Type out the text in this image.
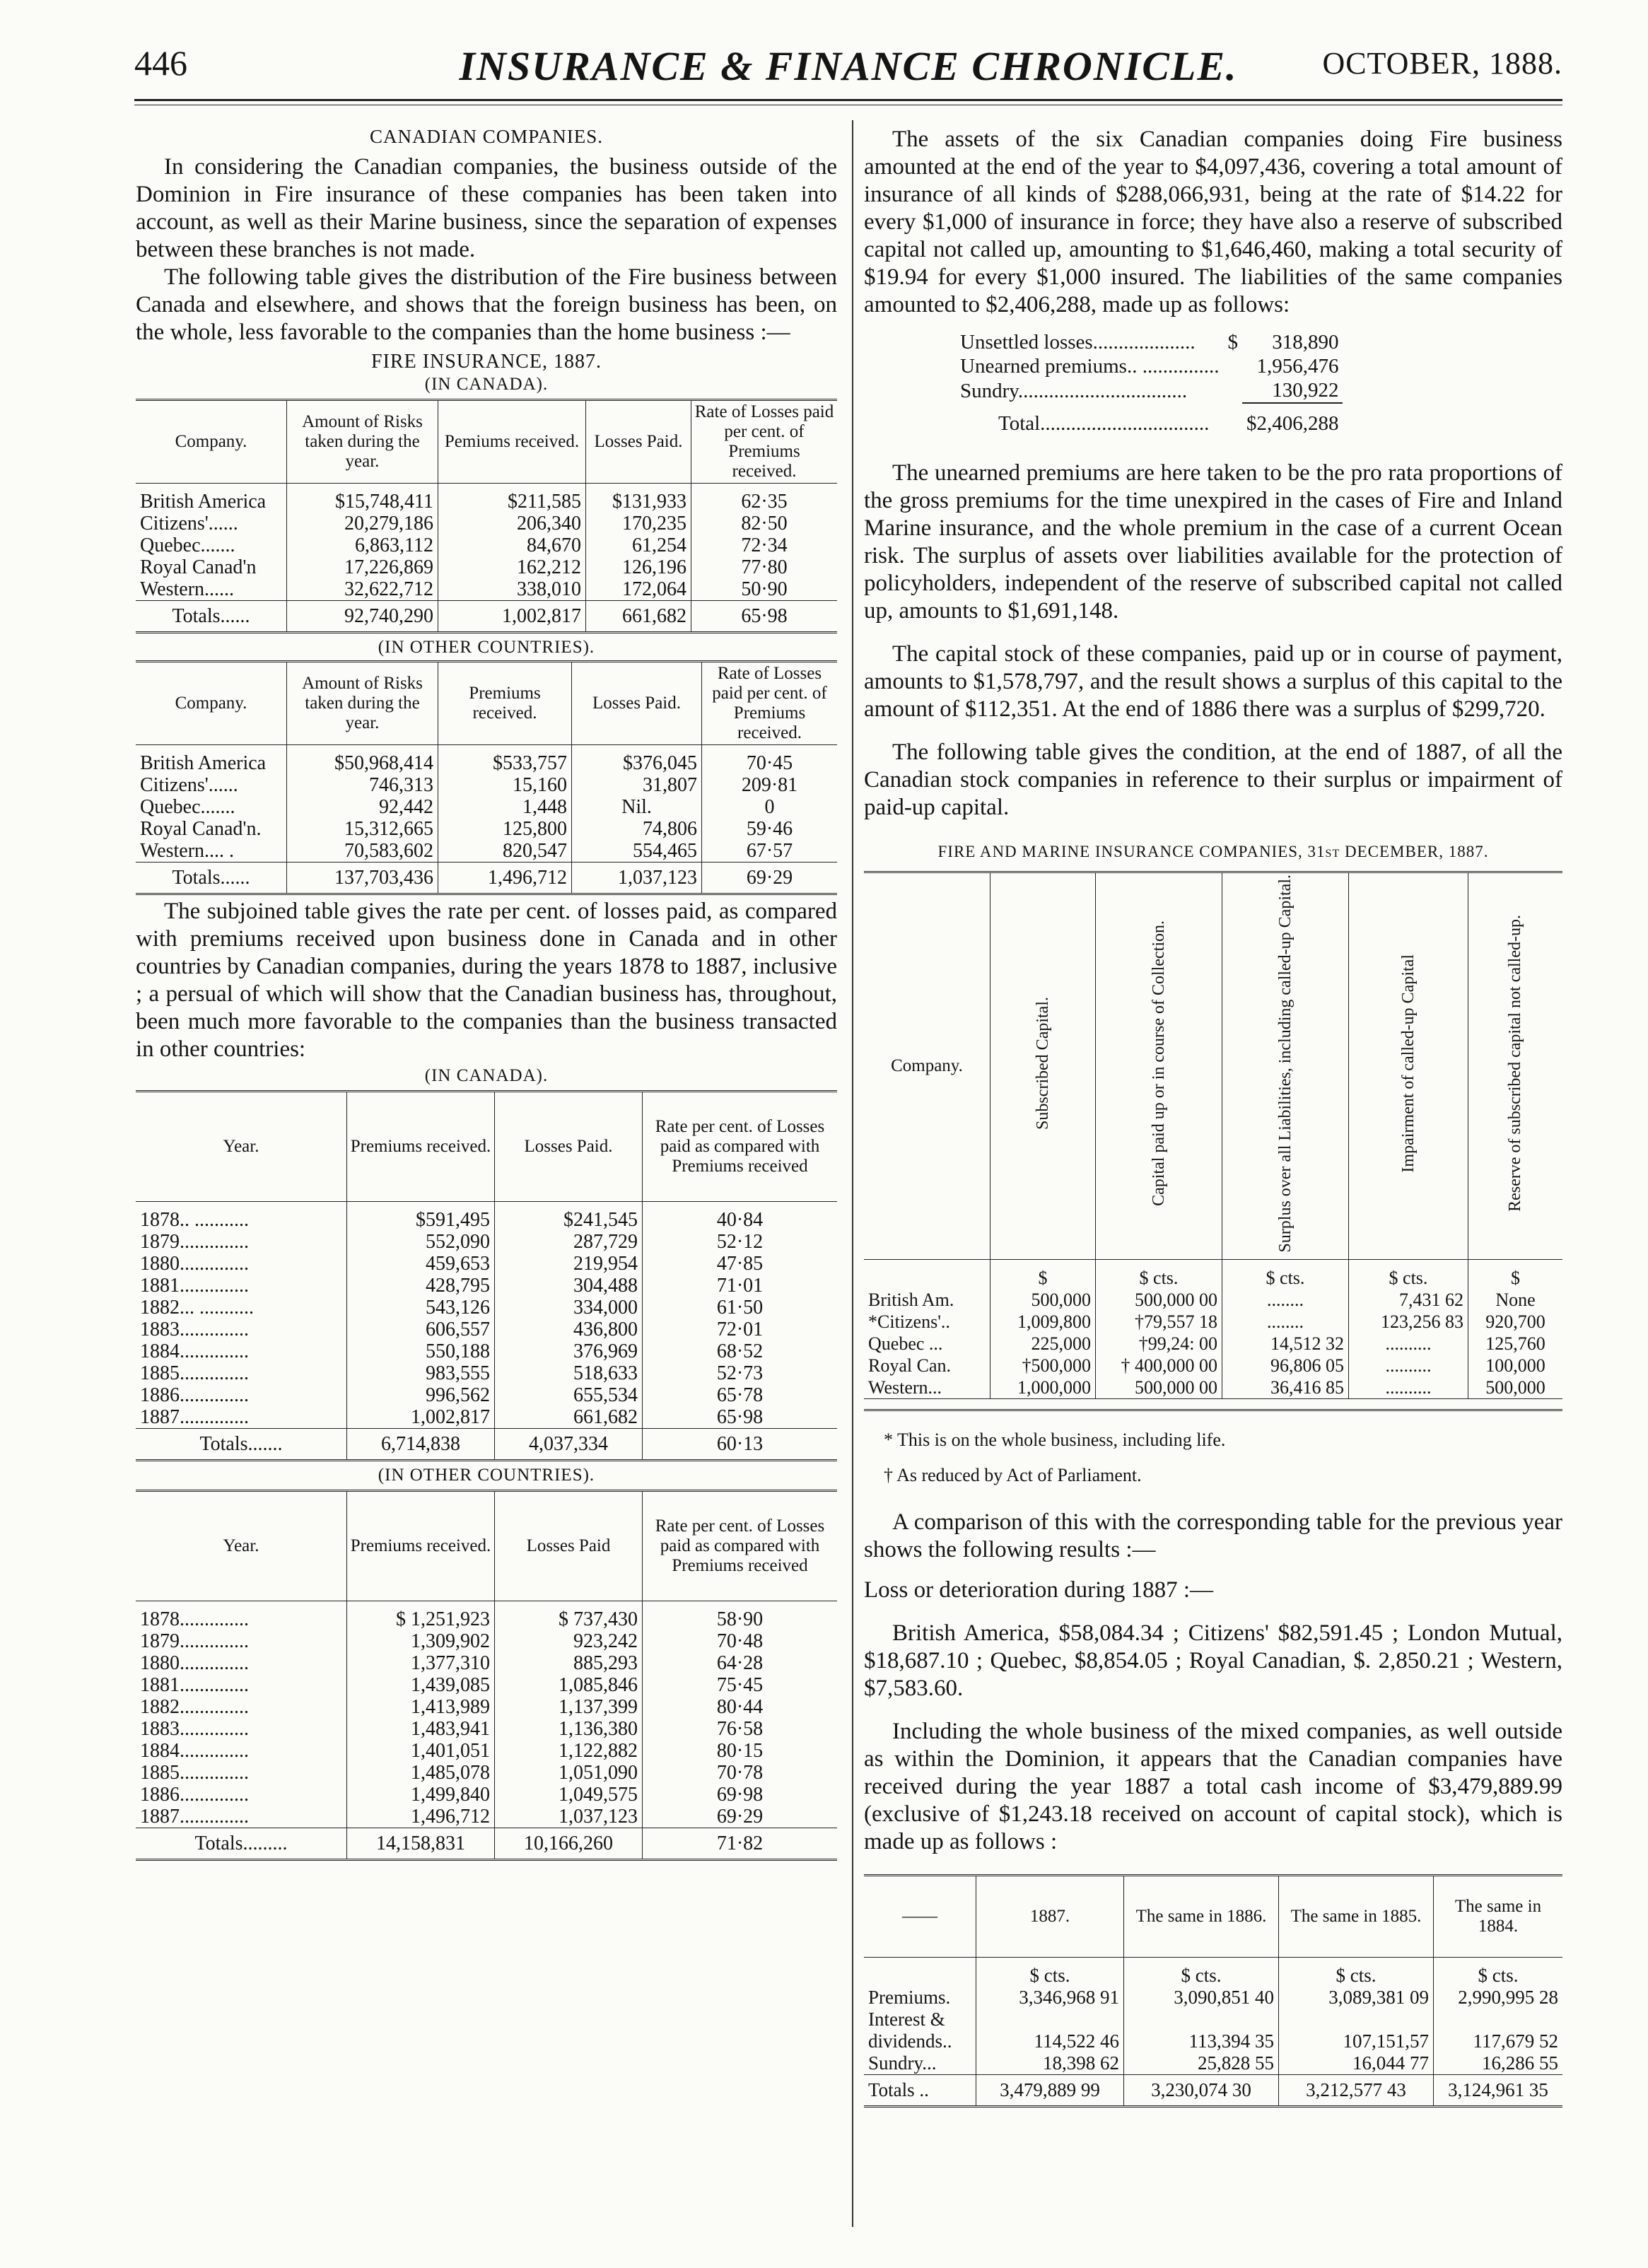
446	INSURANCE & FINANCE CHRONICLE.	OCTOBER, 1888.
CANADIAN COMPANIES.

In considering the Canadian companies, the business outside of the Dominion in Fire insurance of these companies has been taken into account, as well as their Marine business, since the separation of expenses between these branches is not made.

The following table gives the distribution of the Fire business between Canada and elsewhere, and shows that the foreign business has been, on the whole, less favorable to the companies than the home business :—

FIRE INSURANCE, 1887.
(IN CANADA).
Company.	Amount of Risks taken during the year.	Pemiums received.	Losses Paid.	Rate of Losses paid per cent. of Premiums received.
British America	$15,748,411	$211,585	$131,933	62·35
Citizens'......	20,279,186	206,340	170,235	82·50
Quebec.......	6,863,112	84,670	61,254	72·34
Royal Canad'n	17,226,869	162,212	126,196	77·80
Western......	32,622,712	338,010	172,064	50·90
Totals......	92,740,290	1,002,817	661,682	65·98
(IN OTHER COUNTRIES).
Company.	Amount of Risks taken during the year.	Premiums received.	Losses Paid.	Rate of Losses paid per cent. of Premiums received.
British America	$50,968,414	$533,757	$376,045	70·45
Citizens'......	746,313	15,160	31,807	209·81
Quebec.......	92,442	1,448	Nil.	0
Royal Canad'n.	15,312,665	125,800	74,806	59·46
Western.... .	70,583,602	820,547	554,465	67·57
Totals......	137,703,436	1,496,712	1,037,123	69·29

The subjoined table gives the rate per cent. of losses paid, as compared with premiums received upon business done in Canada and in other countries by Canadian companies, during the years 1878 to 1887, inclusive ; a persual of which will show that the Canadian business has, throughout, been much more favorable to the companies than the business transacted in other countries:

(IN CANADA).
Year.	Premiums received.	Losses Paid.	Rate per cent. of Losses paid as compared with Premiums received
1878.. ...........	$591,495	$241,545	40·84
1879..............	552,090	287,729	52·12
1880..............	459,653	219,954	47·85
1881..............	428,795	304,488	71·01
1882... ...........	543,126	334,000	61·50
1883..............	606,557	436,800	72·01
1884..............	550,188	376,969	68·52
1885..............	983,555	518,633	52·73
1886..............	996,562	655,534	65·78
1887..............	1,002,817	661,682	65·98
Totals.......	6,714,838	4,037,334	60·13
(IN OTHER COUNTRIES).
Year.	Premiums received.	Losses Paid	Rate per cent. of Losses paid as compared with Premiums received
1878..............	$ 1,251,923	$ 737,430	58·90
1879..............	1,309,902	923,242	70·48
1880..............	1,377,310	885,293	64·28
1881..............	1,439,085	1,085,846	75·45
1882..............	1,413,989	1,137,399	80·44
1883..............	1,483,941	1,136,380	76·58
1884..............	1,401,051	1,122,882	80·15
1885..............	1,485,078	1,051,090	70·78
1886..............	1,499,840	1,049,575	69·98
1887..............	1,496,712	1,037,123	69·29
Totals.........	14,158,831	10,166,260	71·82

The assets of the six Canadian companies doing Fire business amounted at the end of the year to $4,097,436, covering a total amount of insurance of all kinds of $288,066,931, being at the rate of $14.22 for every $1,000 of insurance in force; they have also a reserve of subscribed capital not called up, amounting to $1,646,460, making a total security of $19.94 for every $1,000 insured. The liabilities of the same companies amounted to $2,406,288, made up as follows:

Unsettled losses....................	$	318,890
Unearned premiums.. ...............		1,956,476
Sundry.................................		130,922
Total.................................		$2,406,288

The unearned premiums are here taken to be the pro rata proportions of the gross premiums for the time unexpired in the cases of Fire and Inland Marine insurance, and the whole premium in the case of a current Ocean risk. The surplus of assets over liabilities available for the protection of policyholders, independent of the reserve of subscribed capital not called up, amounts to $1,691,148.

The capital stock of these companies, paid up or in course of payment, amounts to $1,578,797, and the result shows a surplus of this capital to the amount of $112,351. At the end of 1886 there was a surplus of $299,720.

The following table gives the condition, at the end of 1887, of all the Canadian stock companies in reference to their surplus or impairment of paid-up capital.

FIRE AND MARINE INSURANCE COMPANIES, 31st DECEMBER, 1887.
Company.	Subscribed Capital.	Capital paid up or in course of Collection.	Surplus over all Liabilities, including called-up Capital.	Impairment of called-up Capital	Reserve of subscribed capital not called-up.
	$	$ cts.	$ cts.	$ cts.	$
British Am.	500,000	500,000 00	........	7,431 62	None
*Citizens'..	1,009,800	†79,557 18	........	123,256 83	920,700
Quebec ...	225,000	†99,24: 00	14,512 32	..........	125,760
Royal Can.	†500,000	† 400,000 00	96,806 05	..........	100,000
Western...	1,000,000	500,000 00	36,416 85	..........	500,000

* This is on the whole business, including life.
† As reduced by Act of Parliament.

A comparison of this with the corresponding table for the previous year shows the following results :—

Loss or deterioration during 1887 :—

British America, $58,084.34 ; Citizens' $82,591.45 ; London Mutual, $18,687.10 ; Quebec, $8,854.05 ; Royal Canadian, $. 2,850.21 ; Western, $7,583.60.

Including the whole business of the mixed companies, as well outside as within the Dominion, it appears that the Canadian companies have received during the year 1887 a total cash income of $3,479,889.99 (exclusive of $1,243.18 received on account of capital stock), which is made up as follows :

——	1887.	The same in 1886.	The same in 1885.	The same in 1884.
	$ cts.	$ cts.	$ cts.	$ cts.
Premiums.	3,346,968 91	3,090,851 40	3,089,381 09	2,990,995 28
Interest &				
dividends..	114,522 46	113,394 35	107,151,57	117,679 52
Sundry...	18,398 62	25,828 55	16,044 77	16,286 55
Totals ..	3,479,889 99	3,230,074 30	3,212,577 43	3,124,961 35
